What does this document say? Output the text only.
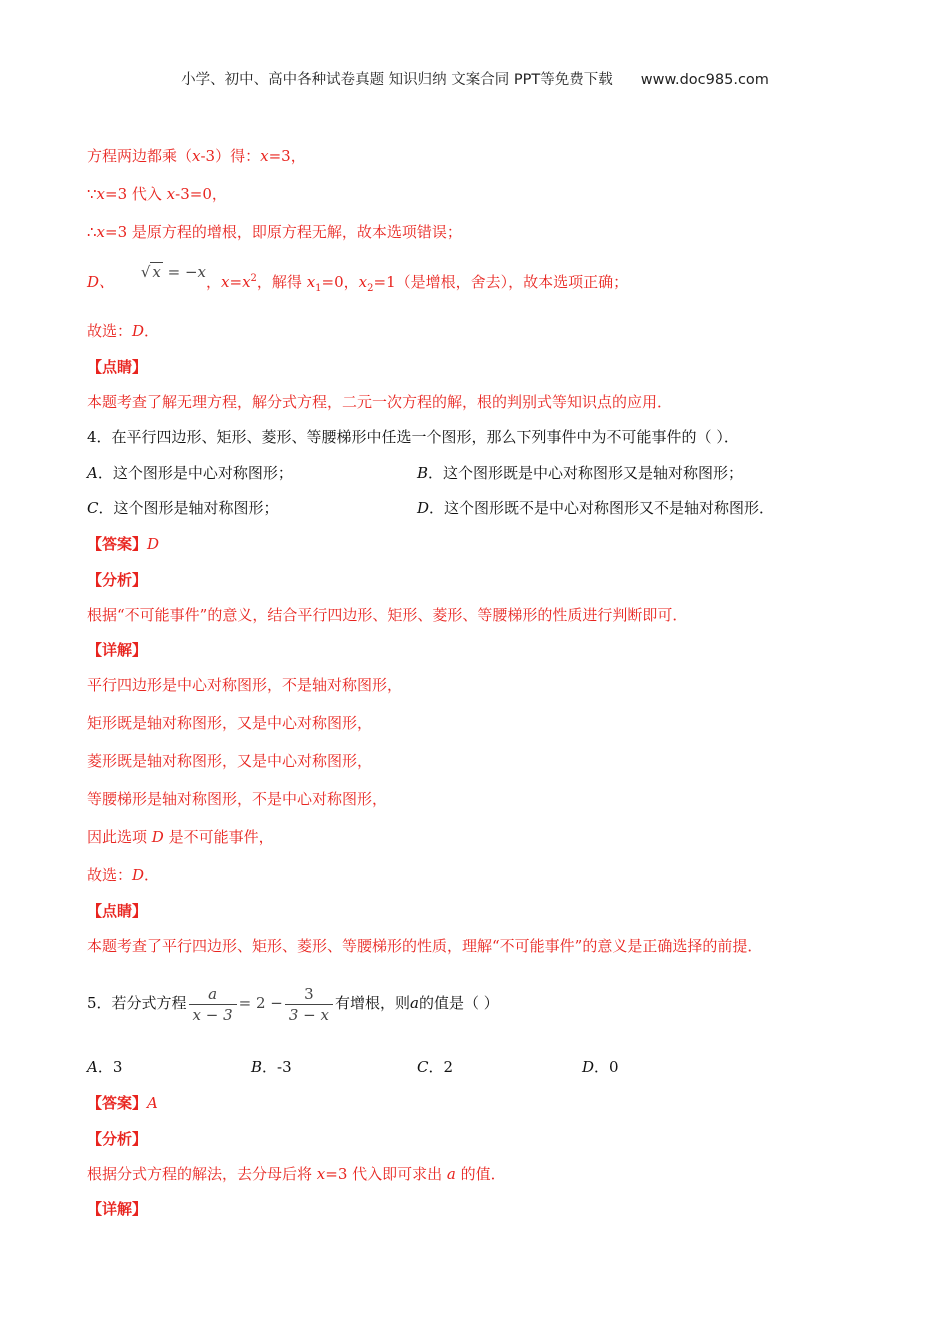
小学、初中、高中各种试卷真题 知识归纳 文案合同 PPT等免费下载 www.doc985.com
方程两边都乘（x-3）得：x=3，
∵x=3 代入 x-3=0，
∴x=3 是原方程的增根，即原方程无解，故本选项错误；
D、 √ x = −x，$x=x^2$，解得 $x_1=0$，$x_2=1$（是增根，舍去），故本选项正确；
故选：D．
【点睛】
本题考查了解无理方程，解分式方程，二元一次方程的解，根的判别式等知识点的应用．
4．在平行四边形、矩形、菱形、等腰梯形中任选一个图形，那么下列事件中为不可能事件的（ ）．
A．这个图形是中心对称图形；	B．这个图形既是中心对称图形又是轴对称图形；
C．这个图形是轴对称图形；	D．这个图形既不是中心对称图形又不是轴对称图形．
【答案】D
【分析】
根据“不可能事件”的意义，结合平行四边形、矩形、菱形、等腰梯形的性质进行判断即可．
【详解】
平行四边形是中心对称图形，不是轴对称图形，
矩形既是轴对称图形，又是中心对称图形，
菱形既是轴对称图形，又是中心对称图形，
等腰梯形是轴对称图形，不是中心对称图形，
因此选项 D 是不可能事件，
故选：D．
【点睛】
本题考查了平行四边形、矩形、菱形、等腰梯形的性质，理解“不可能事件”的意义是正确选择的前提．
5．若分式方程 $\frac{a}{x - 3} = 2 - \frac{3}{3 - x}$ 有增根，则a的值是（ ）
A．3	B．-3	C．2	D．0
【答案】A
【分析】
根据分式方程的解法，去分母后将 x=3 代入即可求出 a 的值．
【详解】
